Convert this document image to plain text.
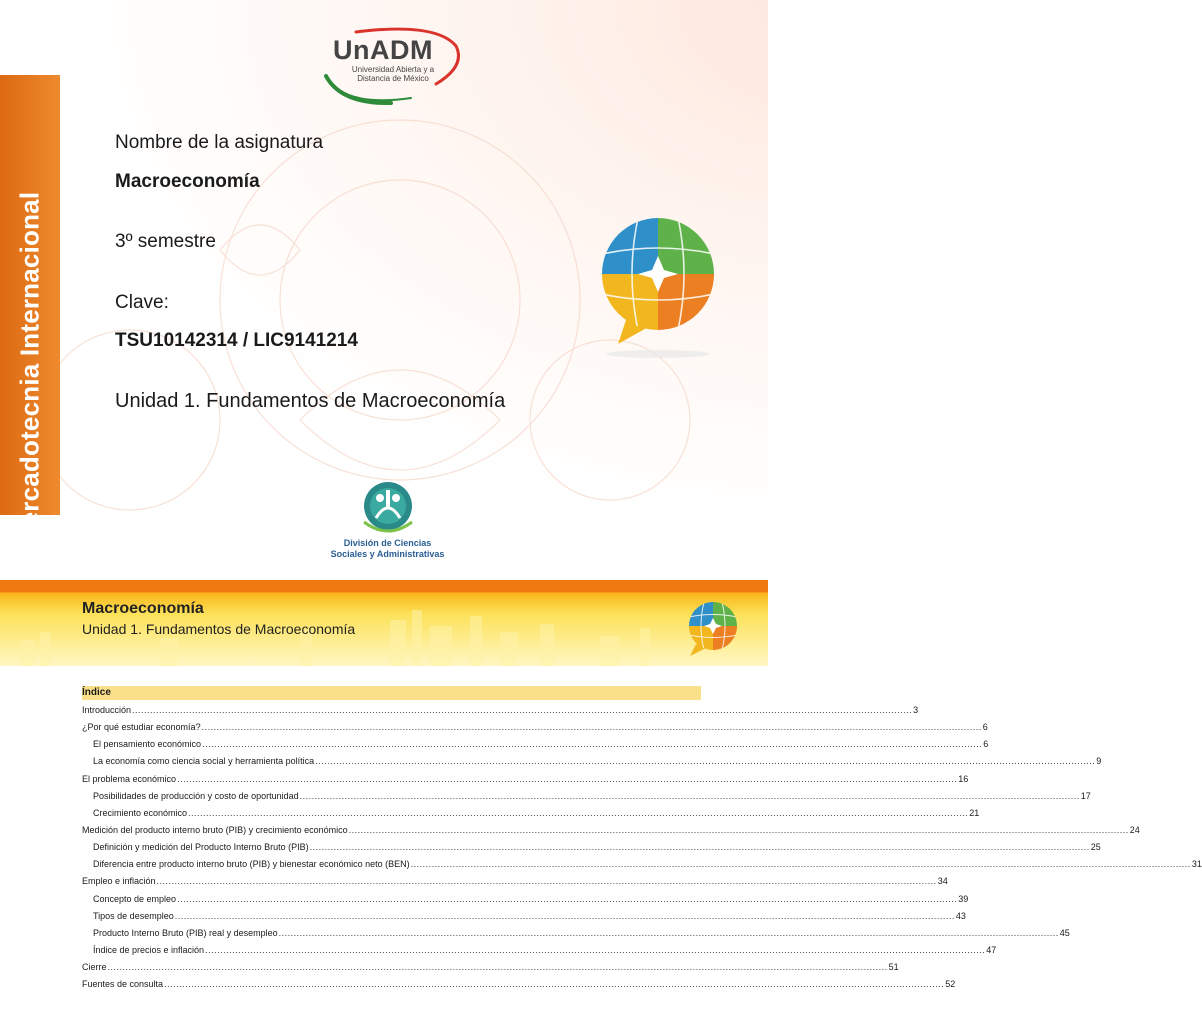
Mercadotecnia Internacional
UnADM
Universidad Abierta y a
Distancia de México
Nombre de la asignatura
Macroeconomía
3º semestre
Clave:
TSU10142314 / LIC9141214
Unidad 1. Fundamentos de Macroeconomía
División de Ciencias
Sociales y Administrativas
Macroeconomía
Unidad 1. Fundamentos de Macroeconomía
Índice
Introducción .................................................................................................................................................................................................................................................................... 3
¿Por qué estudiar economía? .................................................................................................................................................................................................................................................................... 6
El pensamiento económico .................................................................................................................................................................................................................................................................... 6
La economía como ciencia social y herramienta política .................................................................................................................................................................................................................................................................... 9
El problema económico .................................................................................................................................................................................................................................................................... 16
Posibilidades de producción y costo de oportunidad .................................................................................................................................................................................................................................................................... 17
Crecimiento económico .................................................................................................................................................................................................................................................................... 21
Medición del producto interno bruto (PIB) y crecimiento económico .................................................................................................................................................................................................................................................................... 24
Definición y medición del Producto Interno Bruto (PIB) .................................................................................................................................................................................................................................................................... 25
Diferencia entre producto interno bruto (PIB) y bienestar económico neto (BEN) .................................................................................................................................................................................................................................................................... 31
Empleo e inflación .................................................................................................................................................................................................................................................................... 34
Concepto de empleo .................................................................................................................................................................................................................................................................... 39
Tipos de desempleo .................................................................................................................................................................................................................................................................... 43
Producto Interno Bruto (PIB) real y desempleo .................................................................................................................................................................................................................................................................... 45
Índice de precios e inflación .................................................................................................................................................................................................................................................................... 47
Cierre .................................................................................................................................................................................................................................................................... 51
Fuentes de consulta .................................................................................................................................................................................................................................................................... 52
